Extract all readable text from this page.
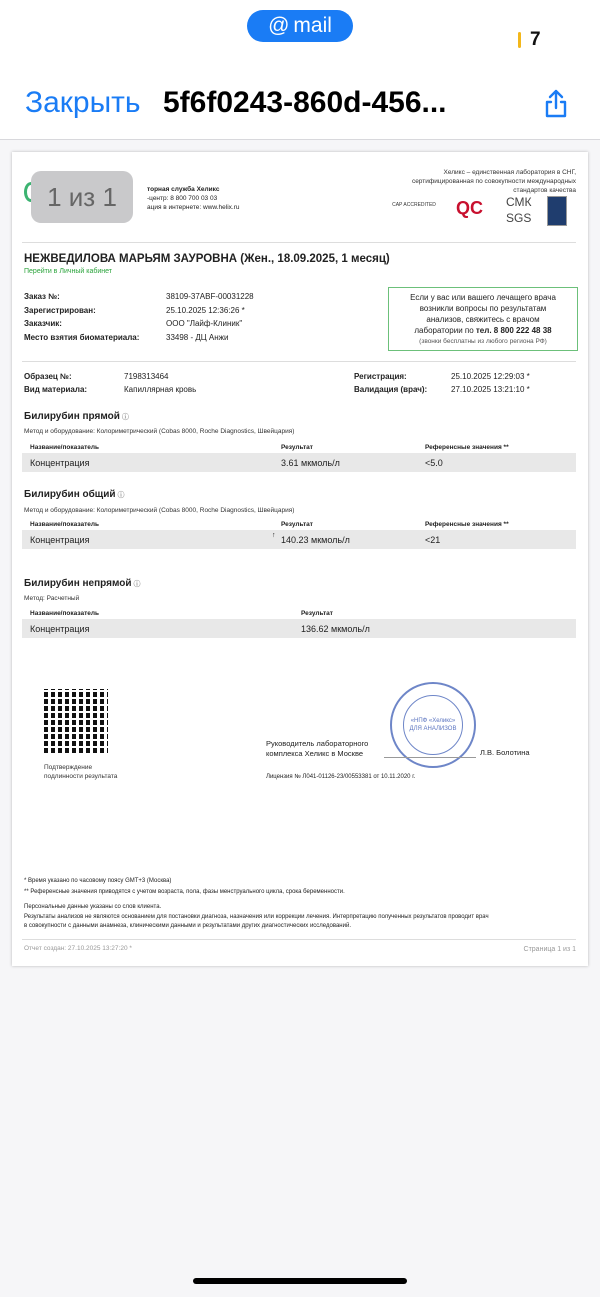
@ mail
7
Закрыть 5f6f0243-860d-456...
торная служба Хеликс
-центр: 8 800 700 03 03
ация в интернете: www.helix.ru
Хеликс – единственная лаборатория в СНГ,
сертифицированная по совокупности международных
стандартов качества
CAP ACCREDITED	QC СМК SGS
НЕЖВЕДИЛОВА МАРЬЯМ ЗАУРОВНА (Жен., 18.09.2025, 1 месяц)
Перейти в Личный кабинет
Заказ №:	38109-37ABF-00031228
Зарегистрирован:	25.10.2025 12:36:26 *
Заказчик:	ООО "Лайф-Клиник"
Место взятия биоматериала:	33498 - ДЦ Анжи
Если у вас или вашего лечащего врача
возникли вопросы по результатам
анализов, свяжитесь с врачом
лаборатории по тел. 8 800 222 48 38
(звонки бесплатны из любого региона РФ)
Образец №:	7198313464
Вид материала:	Капиллярная кровь
Регистрация:	25.10.2025 12:29:03 *
Валидация (врач):	27.10.2025 13:21:10 *
Билирубин прямой ⓘ
Метод и оборудование: Колориметрический (Cobas 8000, Roche Diagnostics, Швейцария)
Название/показатель	Результат	Референсные значения **
Концентрация	3.61 мкмоль/л	<5.0
Билирубин общий ⓘ
Метод и оборудование: Колориметрический (Cobas 8000, Roche Diagnostics, Швейцария)
Название/показатель	Результат	Референсные значения **
Концентрация	↑ 140.23 мкмоль/л	<21
Билирубин непрямой ⓘ
Метод: Расчетный
Название/показатель	Результат
Концентрация	136.62 мкмоль/л
Подтверждение
подлинности результата
Руководитель лабораторного
комплекса Хеликс в Москве
«НПФ «Хеликс» ДЛЯ АНАЛИЗОВ
Л.В. Болотина
Лицензия № Л041-01126-23/00553381 от 10.11.2020 г.
* Время указано по часовому поясу GMT+3 (Москва)
** Референсные значения приводятся с учетом возраста, пола, фазы менструального цикла, срока беременности.
Персональные данные указаны со слов клиента.
Результаты анализов не являются основанием для постановки диагноза, назначения или коррекции лечения. Интерпретацию полученных результатов проводит врач
в совокупности с данными анамнеза, клиническими данными и результатами других диагностических исследований.
Отчет создан: 27.10.2025 13:27:20 *	Страница 1 из 1
1 из 1
